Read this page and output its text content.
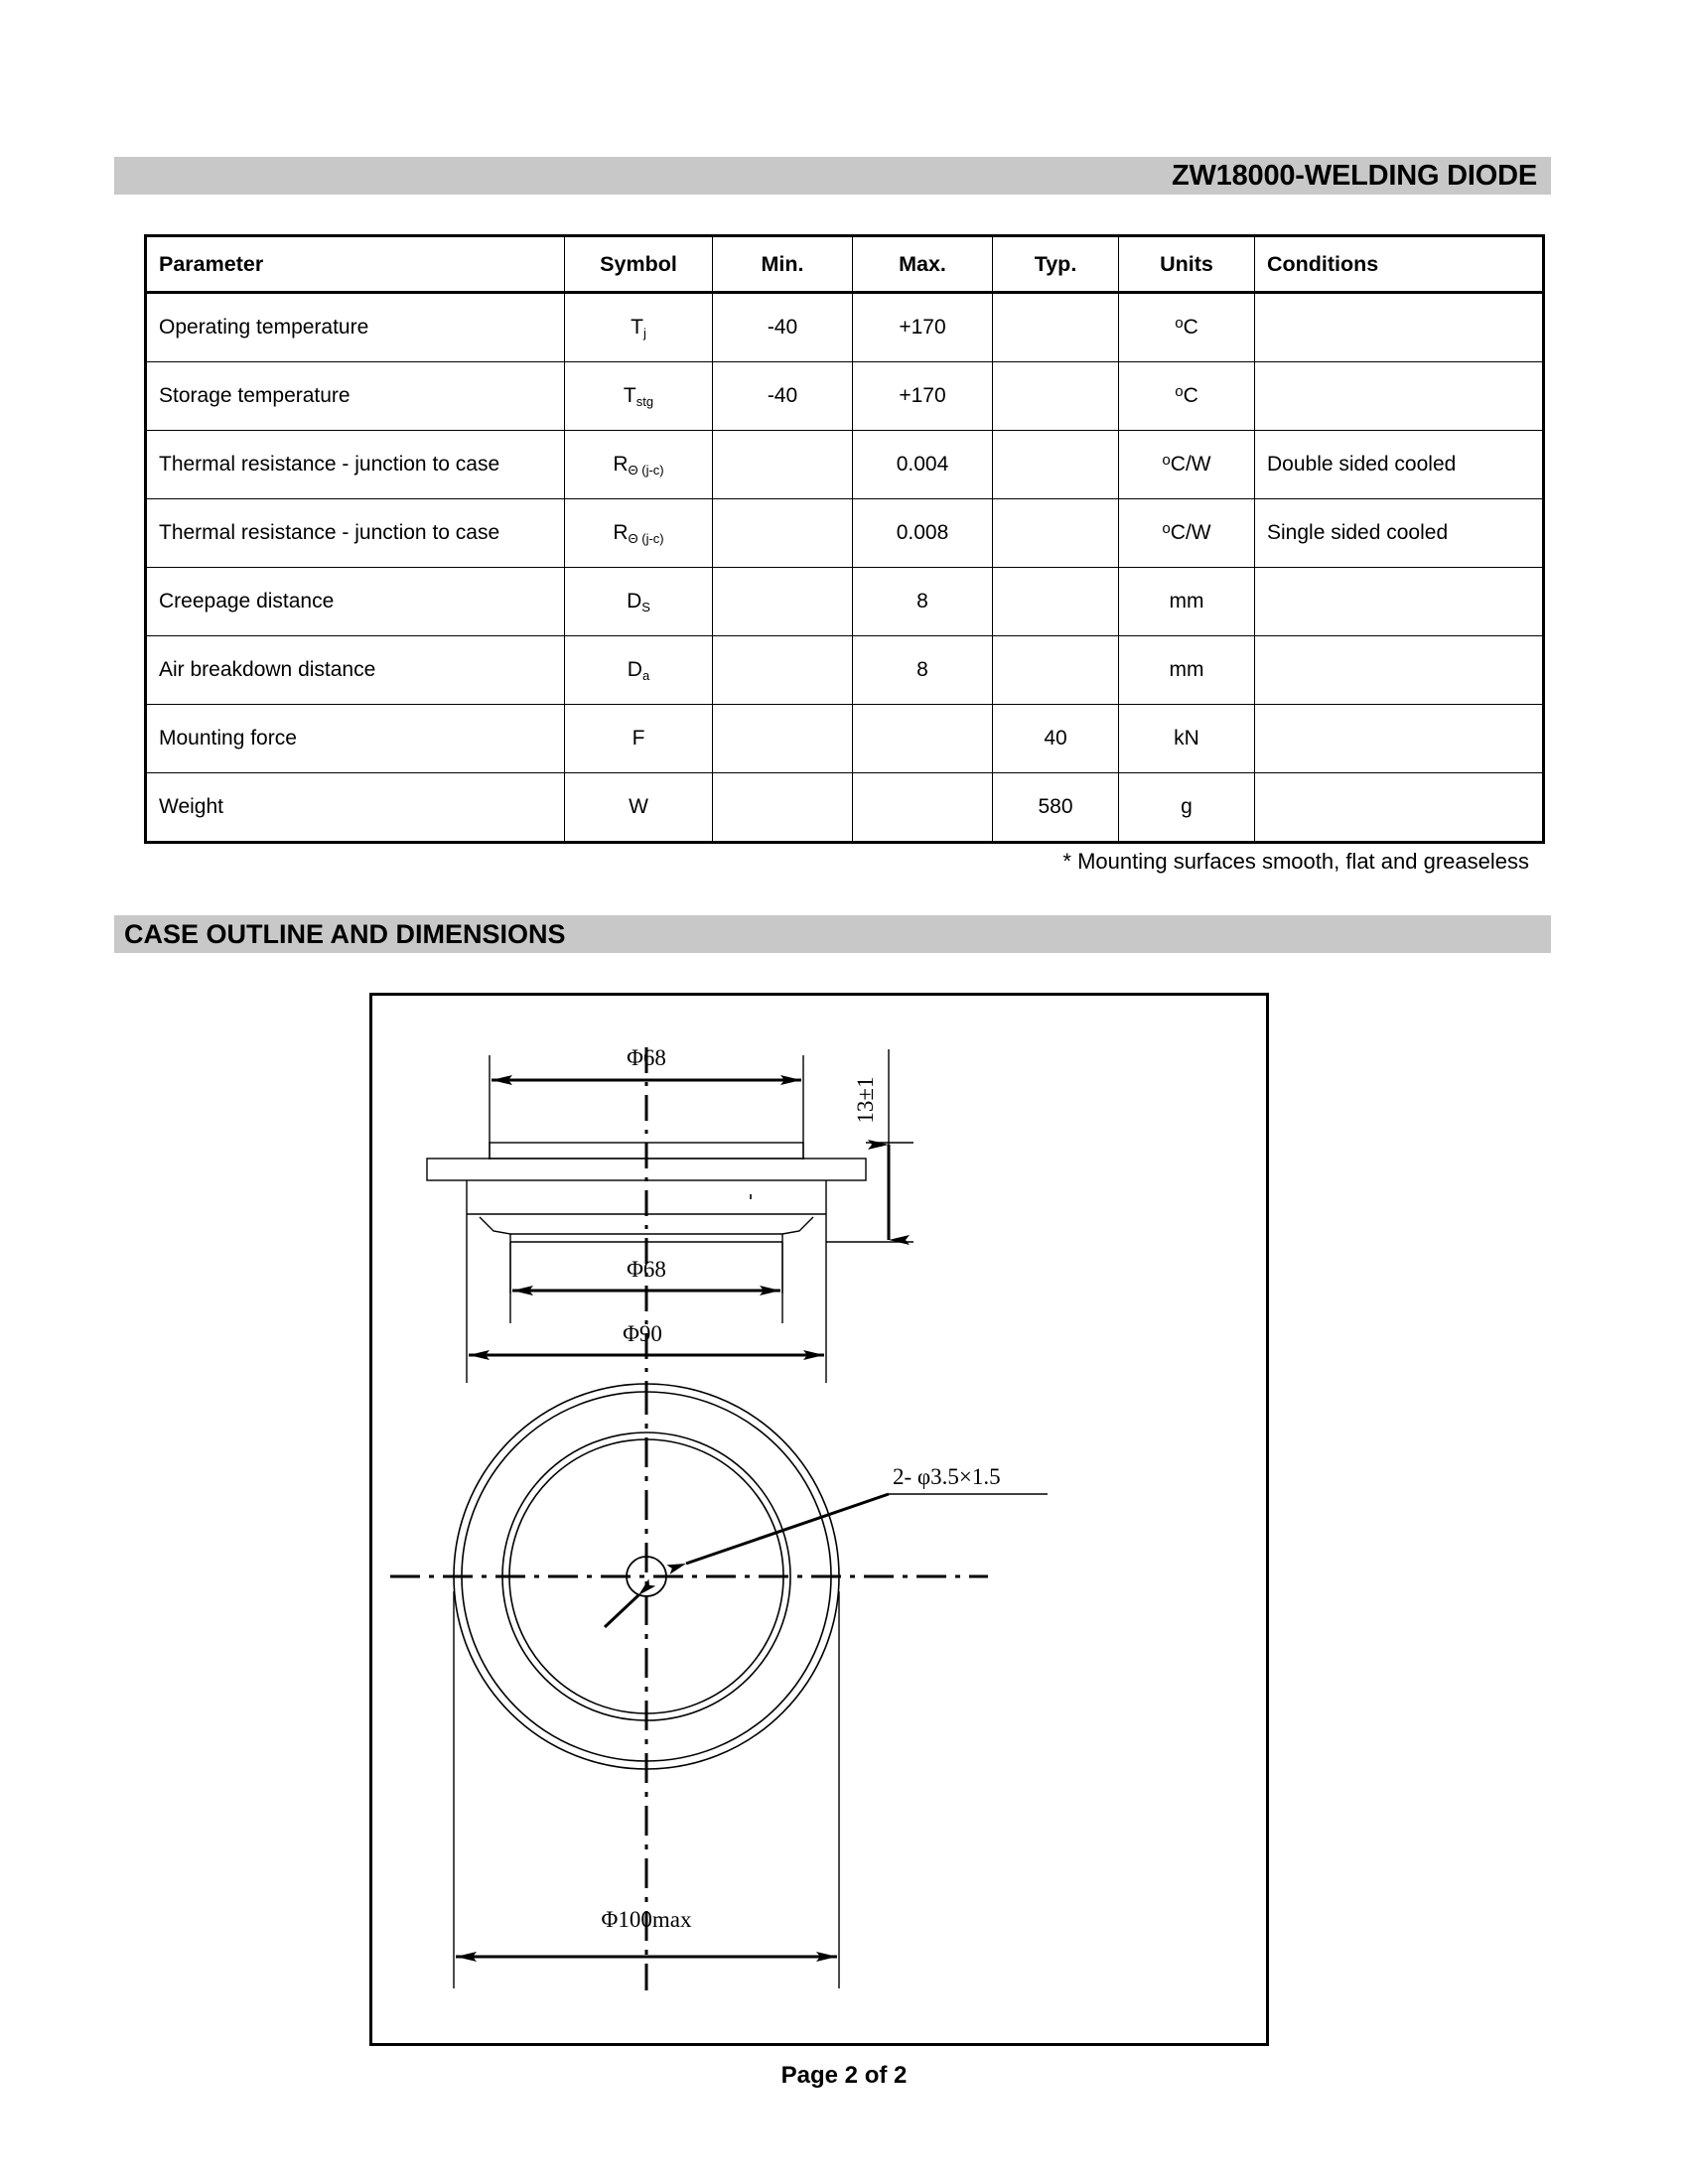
ZW18000-WELDING DIODE
Parameter	Symbol	Min.	Max.	Typ.	Units	Conditions
Operating temperature	$T_j$	-40	+170		$^o$C	
Storage temperature	$T_{stg}$	-40	+170		$^o$C	
Thermal resistance - junction to case	$R_{\Theta (j-c)}$		0.004		$^o$C/W	Double sided cooled
Thermal resistance - junction to case	$R_{\Theta (j-c)}$		0.008		$^o$C/W	Single sided cooled
Creepage distance	$D_S$		8		mm	
Air breakdown distance	$D_a$		8		mm	
Mounting force	F			40	kN	
Weight	W			580	g	
* Mounting surfaces smooth, flat and greaseless
CASE OUTLINE AND DIMENSIONS
Φ68
13±1
Φ68
Φ90
2- φ3.5×1.5
Φ100max
Page 2 of 2
